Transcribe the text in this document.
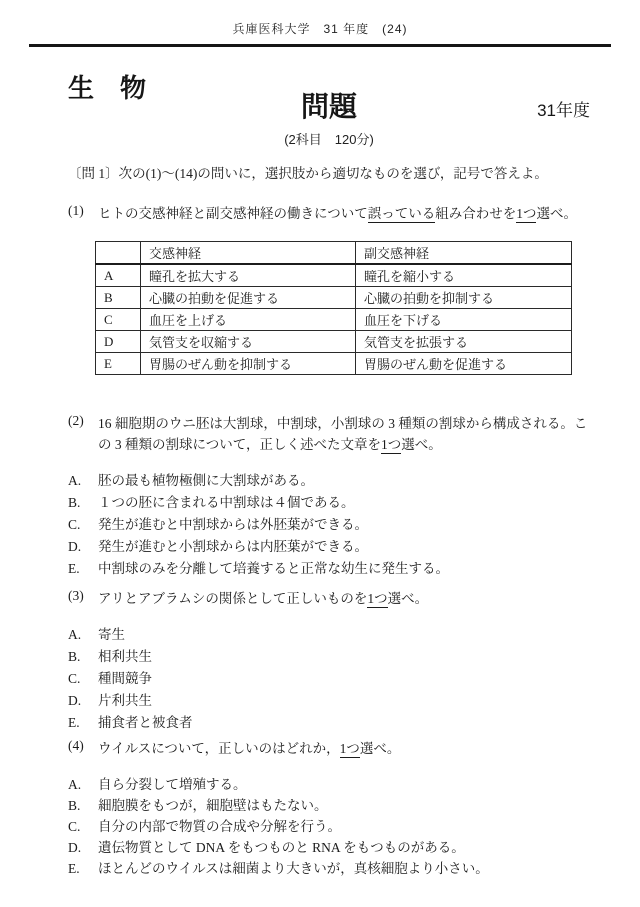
兵庫医科大学　31 年度　(24)
生　物
問題	31年度
(2科目　120分)

〔問 1〕次の(1)～(14)の問いに，選択肢から適切なものを選び，記号で答えよ。

(1)	ヒトの交感神経と副交感神経の働きについて誤っている組み合わせを1つ選べ。

	交感神経	副交感神経
A	瞳孔を拡大する	瞳孔を縮小する
B	心臓の拍動を促進する	心臓の拍動を抑制する
C	血圧を上げる	血圧を下げる
D	気管支を収縮する	気管支を拡張する
E	胃腸のぜん動を抑制する	胃腸のぜん動を促進する

(2)	16 細胞期のウニ胚は大割球，中割球，小割球の 3 種類の割球から構成される。この 3 種類の割球について，正しく述べた文章を1つ選べ。

A.	胚の最も植物極側に大割球がある。
B.	１つの胚に含まれる中割球は４個である。
C.	発生が進むと中割球からは外胚葉ができる。
D.	発生が進むと小割球からは内胚葉ができる。
E.	中割球のみを分離して培養すると正常な幼生に発生する。

(3)	アリとアブラムシの関係として正しいものを1つ選べ。

A.	寄生
B.	相利共生
C.	種間競争
D.	片利共生
E.	捕食者と被食者

(4)	ウイルスについて，正しいのはどれか，1つ選べ。

A.	自ら分裂して増殖する。
B.	細胞膜をもつが，細胞壁はもたない。
C.	自分の内部で物質の合成や分解を行う。
D.	遺伝物質として DNA をもつものと RNA をもつものがある。
E.	ほとんどのウイルスは細菌より大きいが，真核細胞より小さい。
